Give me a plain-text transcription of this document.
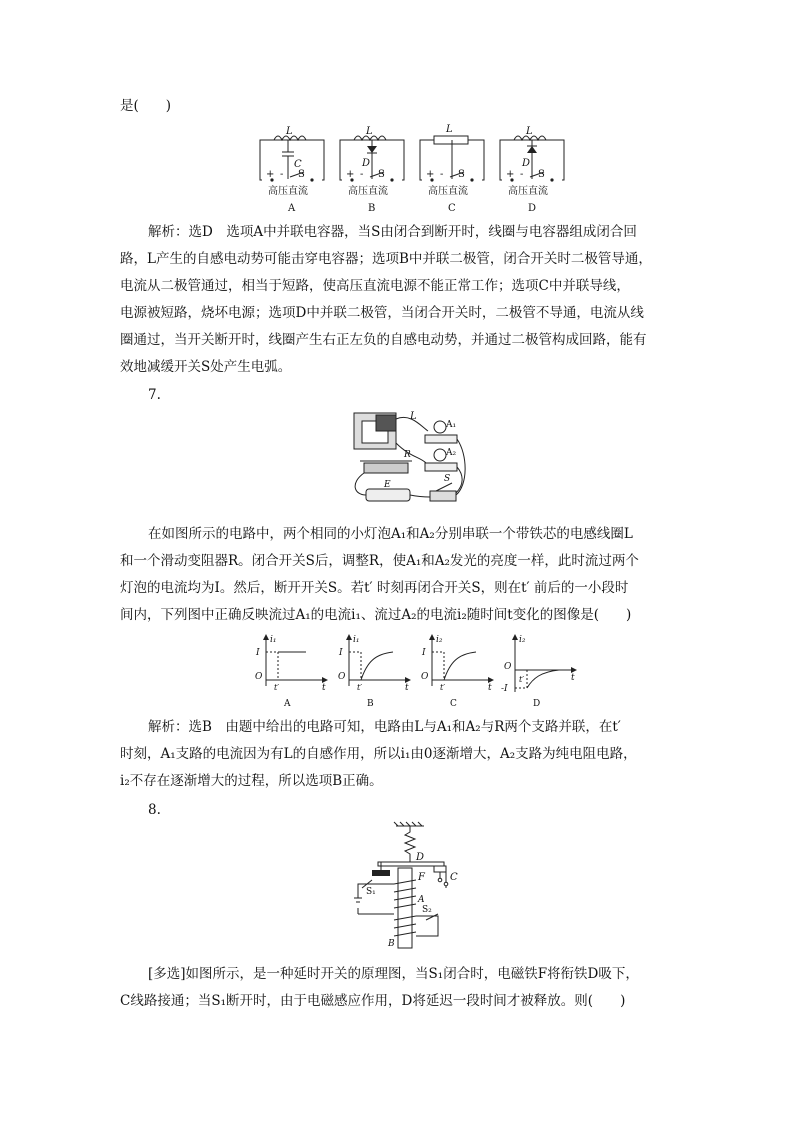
是(　　)
L
C
+ - S
高压直流
A
L
D
+ - S
高压直流
B
L
+ - S
高压直流
C
L
D
+ - S
高压直流
D
解析：选D　选项A中并联电容器，当S由闭合到断开时，线圈与电容器组成闭合回
路，L产生的自感电动势可能击穿电容器；选项B中并联二极管，闭合开关时二极管导通，
电流从二极管通过，相当于短路，使高压直流电源不能正常工作；选项C中并联导线，
电源被短路，烧坏电源；选项D中并联二极管，当闭合开关时，二极管不导通，电流从线
圈通过，当开关断开时，线圈产生右正左负的自感电动势，并通过二极管构成回路，能有
效地减缓开关S处产生电弧。
7.
L
A₁
A₂
R
E
S
在如图所示的电路中，两个相同的小灯泡A₁和A₂分别串联一个带铁芯的电感线圈L
和一个滑动变阻器R。闭合开关S后，调整R，使A₁和A₂发光的亮度一样，此时流过两个
灯泡的电流均为I。然后，断开开关S。若t′ 时刻再闭合开关S，则在t′ 前后的一小段时
间内，下列图中正确反映流过A₁的电流i₁、流过A₂的电流i₂随时间t变化的图像是(　　)
i₁
I
O
t′	t
A
i₁
I
O
t′	t
B
i₂
I
O
t′	t
C
i₂
-I
O
t′	t
D
解析：选B　由题中给出的电路可知，电路由L与A₁和A₂与R两个支路并联，在t′
时刻，A₁支路的电流因为有L的自感作用，所以i₁由0逐渐增大，A₂支路为纯电阻电路，
i₂不存在逐渐增大的过程，所以选项B正确。
8.
D
F	C
S₁
A
S₂
B
[多选]如图所示，是一种延时开关的原理图，当S₁闭合时，电磁铁F将衔铁D吸下，
C线路接通；当S₁断开时，由于电磁感应作用，D将延迟一段时间才被释放。则(　　)
